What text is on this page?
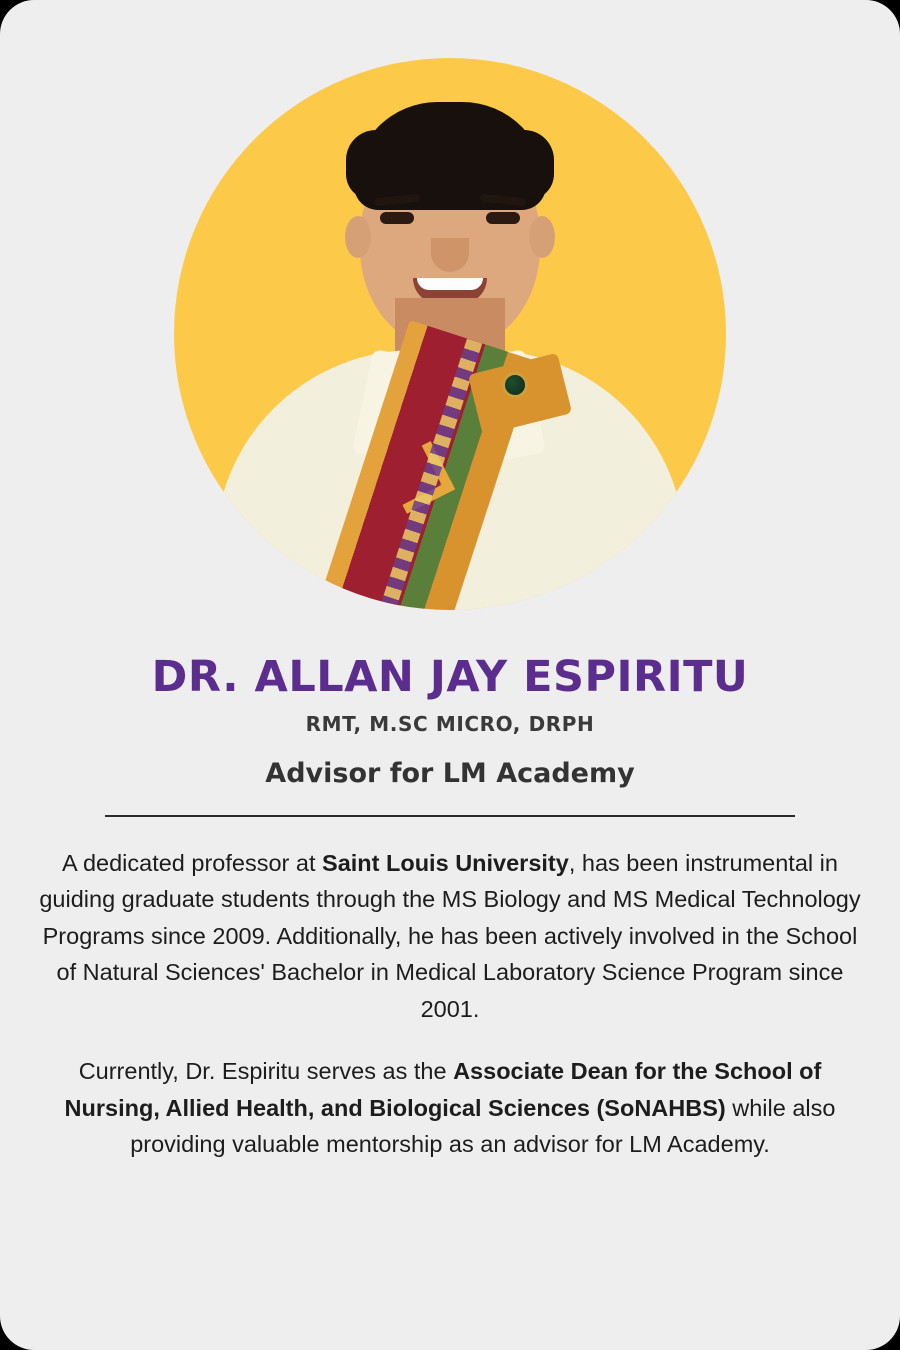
DR. ALLAN JAY ESPIRITU
RMT, M.SC MICRO, DRPH
Advisor for LM Academy

A dedicated professor at Saint Louis University, has been instrumental in guiding graduate students through the MS Biology and MS Medical Technology Programs since 2009. Additionally, he has been actively involved in the School of Natural Sciences' Bachelor in Medical Laboratory Science Program since 2001.

Currently, Dr. Espiritu serves as the Associate Dean for the School of Nursing, Allied Health, and Biological Sciences (SoNAHBS) while also providing valuable mentorship as an advisor for LM Academy.
